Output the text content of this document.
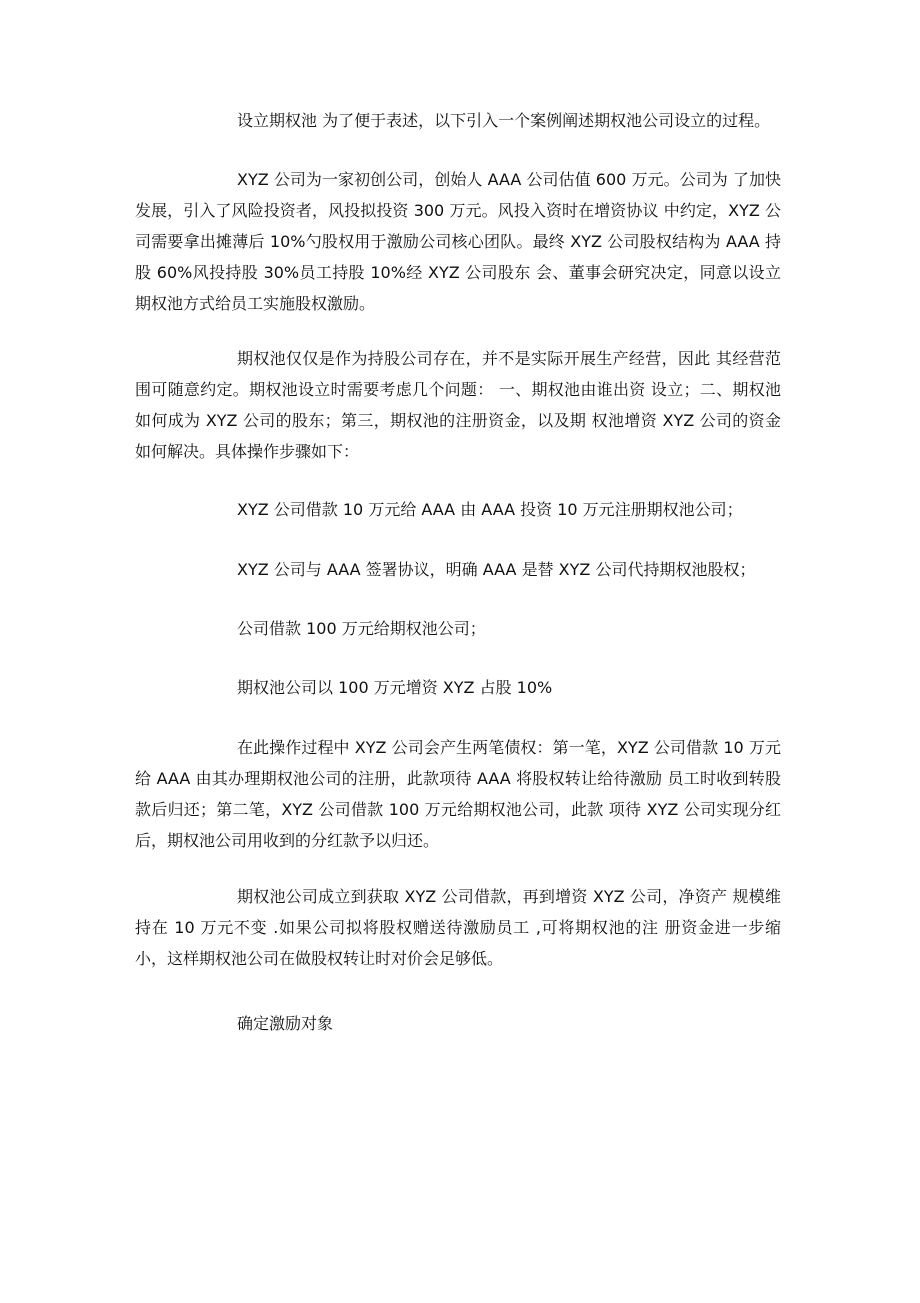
设立期权池 为了便于表述，以下引入一个案例阐述期权池公司设立的过程。

XYZ 公司为一家初创公司，创始人 AAA 公司估值 600 万元。公司为 了加快发展，引入了风险投资者，风投拟投资 300 万元。风投入资时在增资协议 中约定，XYZ 公司需要拿出摊薄后 10%勺股权用于激励公司核心团队。最终 XYZ 公司股权结构为 AAA 持股 60%风投持股 30%员工持股 10%经 XYZ 公司股东 会、董事会研究决定，同意以设立期权池方式给员工实施股权激励。

期权池仅仅是作为持股公司存在，并不是实际开展生产经营，因此 其经营范围可随意约定。期权池设立时需要考虑几个问题： 一、期权池由谁出资 设立；二、期权池如何成为 XYZ 公司的股东；第三，期权池的注册资金，以及期 权池增资 XYZ 公司的资金如何解决。具体操作步骤如下：

XYZ 公司借款 10 万元给 AAA 由 AAA 投资 10 万元注册期权池公司；

XYZ 公司与 AAA 签署协议，明确 AAA 是替 XYZ 公司代持期权池股权；

公司借款 100 万元给期权池公司；

期权池公司以 100 万元增资 XYZ 占股 10%

在此操作过程中 XYZ 公司会产生两笔债权：第一笔，XYZ 公司借款 10 万元给 AAA 由其办理期权池公司的注册，此款项待 AAA 将股权转让给待激励 员工时收到转股款后归还；第二笔，XYZ 公司借款 100 万元给期权池公司，此款 项待 XYZ 公司实现分红后，期权池公司用收到的分红款予以归还。

期权池公司成立到获取 XYZ 公司借款，再到增资 XYZ 公司，净资产 规模维持在 10 万元不变 .如果公司拟将股权赠送待激励员工 ,可将期权池的注 册资金进一步缩小，这样期权池公司在做股权转让时对价会足够低。

确定激励对象
